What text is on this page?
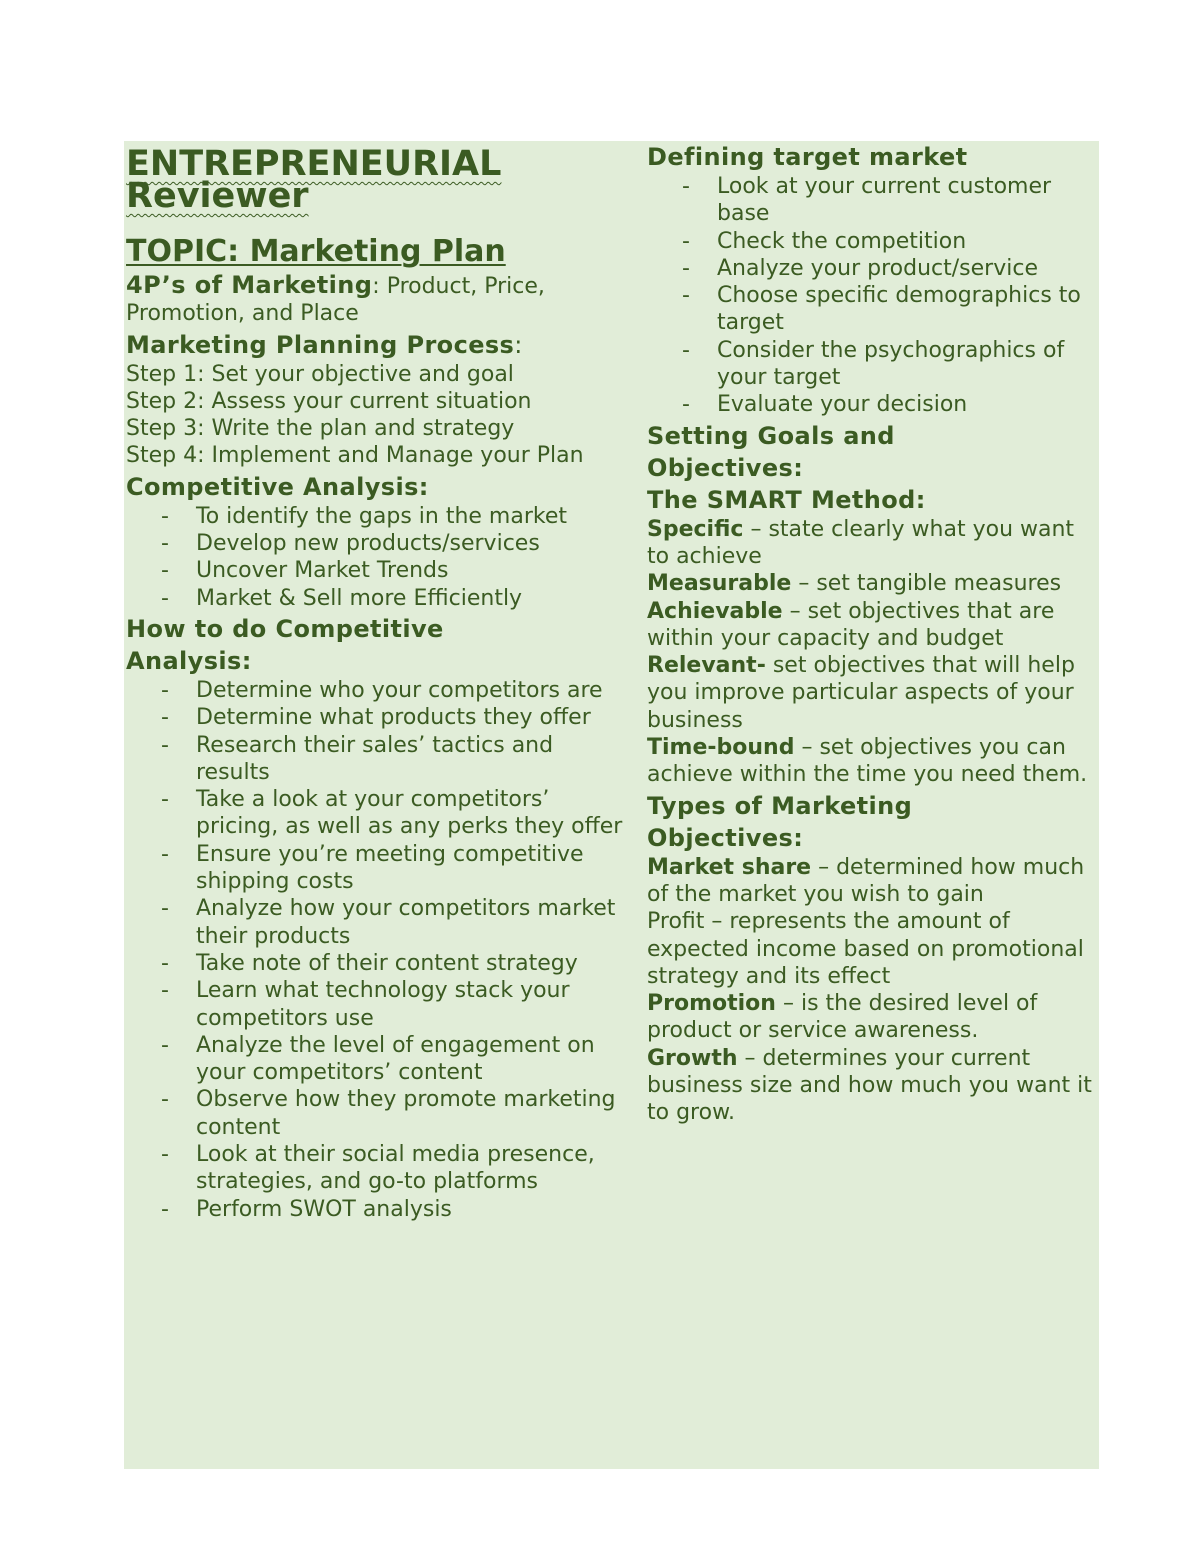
ENTREPRENEURIAL
Reviewer
TOPIC: Marketing Plan
4P’s of Marketing: Product, Price, Promotion, and Place
Marketing Planning Process:
Step 1: Set your objective and goal
Step 2: Assess your current situation
Step 3: Write the plan and strategy
Step 4: Implement and Manage your Plan
Competitive Analysis:
- To identify the gaps in the market
- Develop new products/services
- Uncover Market Trends
- Market & Sell more Efficiently
How to do Competitive
Analysis:
- Determine who your competitors are
- Determine what products they offer
- Research their sales’ tactics and results
- Take a look at your competitors’ pricing, as well as any perks they offer
- Ensure you’re meeting competitive shipping costs
- Analyze how your competitors market their products
- Take note of their content strategy
- Learn what technology stack your competitors use
- Analyze the level of engagement on your competitors’ content
- Observe how they promote marketing content
- Look at their social media presence, strategies, and go-to platforms
- Perform SWOT analysis
Defining target market
- Look at your current customer base
- Check the competition
- Analyze your product/service
- Choose specific demographics to target
- Consider the psychographics of your target
- Evaluate your decision
Setting Goals and
Objectives:
The SMART Method:
Specific – state clearly what you want to achieve
Measurable – set tangible measures
Achievable – set objectives that are within your capacity and budget
Relevant- set objectives that will help you improve particular aspects of your business
Time-bound – set objectives you can achieve within the time you need them.
Types of Marketing
Objectives:
Market share – determined how much of the market you wish to gain
Profit – represents the amount of expected income based on promotional strategy and its effect
Promotion – is the desired level of product or service awareness.
Growth – determines your current business size and how much you want it to grow.
